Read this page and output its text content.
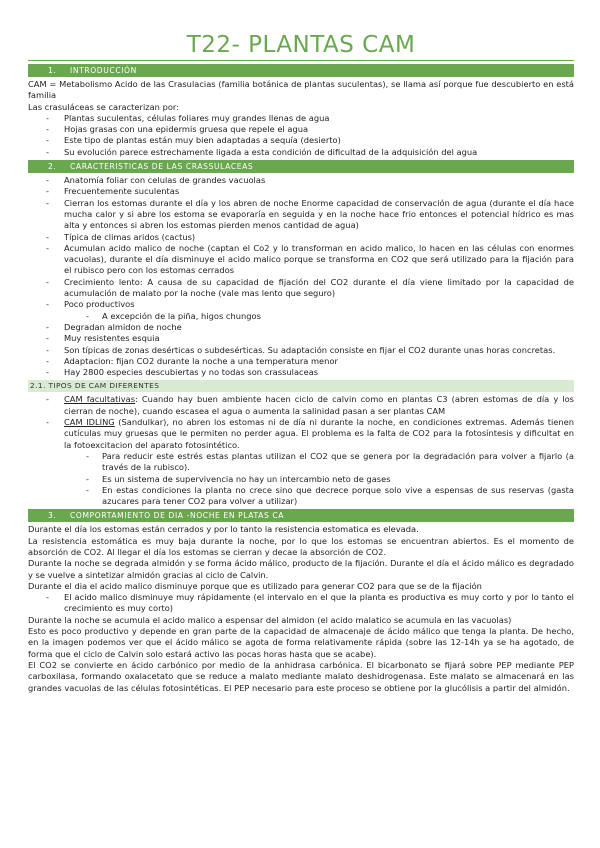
T22- PLANTAS CAM
1. INTRODUCCIÓN

CAM = Metabolismo Acido de las Crasulacias (familia botánica de plantas suculentas), se llama así porque fue descubierto en está familia

Las crasuláceas se caracterizan por:

- Plantas suculentas, células foliares muy grandes llenas de agua
- Hojas grasas con una epidermis gruesa que repele el agua
- Este tipo de plantas están muy bien adaptadas a sequía (desierto)
- Su evolución parece estrechamente ligada a esta condición de dificultad de la adquisición del agua
2. CARACTERISTICAS DE LAS CRASSULACEAS
- Anatomía foliar con celulas de grandes vacuolas
- Frecuentemente suculentas
- Cierran los estomas durante el día y los abren de noche Enorme capacidad de conservación de agua (durante el día hace mucha calor y si abre los estoma se evaporaría en seguida y en la noche hace frio entonces el potencial hídrico es mas alta y entonces si abren los estomas pierden menos cantidad de agua)
- Típica de climas aridos (cactus)
- Acumulan acido malico de noche (captan el Co2 y lo transforman en acido malico, lo hacen en las células con enormes vacuolas), durante el día disminuye el acido malico porque se transforma en CO2 que será utilizado para la fijación para el rubisco pero con los estomas cerrados
- Crecimiento lento: A causa de su capacidad de fijación del CO2 durante el día viene limitado por la capacidad de acumulación de malato por la noche (vale mas lento que seguro)
- Poco productivos
- A excepción de la piña, higos chungos
- Degradan almidon de noche
- Muy resistentes esquia
- Son típicas de zonas desérticas o subdesérticas. Su adaptación consiste en fijar el CO2 durante unas horas concretas.
- Adaptacion: fijan CO2 durante la noche a una temperatura menor
- Hay 2800 especies descubiertas y no todas son crassulaceas
2.1. TIPOS DE CAM DIFERENTES
- CAM facultativas: Cuando hay buen ambiente hacen ciclo de calvin como en plantas C3 (abren estomas de día y los cierran de noche), cuando escasea el agua o aumenta la salinidad pasan a ser plantas CAM
- CAM IDLING (Sandulkar), no abren los estomas ni de día ni durante la noche, en condiciones extremas. Además tienen cutículas muy gruesas que le permiten no perder agua. El problema es la falta de CO2 para la fotosíntesis y dificultat en la fotoexcitacion del aparato fotosintético.
- Para reducir este estrés estas plantas utilizan el CO2 que se genera por la degradación para volver a fijarlo (a través de la rubisco).
- Es un sistema de supervivencia no hay un intercambio neto de gases
- En estas condiciones la planta no crece sino que decrece porque solo vive a espensas de sus reservas (gasta azucares para tener CO2 para volver a utilizar)
3. COMPORTAMIENTO DE DIA -NOCHE EN PLATAS CA

Durante el día los estomas están cerrados y por lo tanto la resistencia estomatica es elevada.

La resistencia estomática es muy baja durante la noche, por lo que los estomas se encuentran abiertos. Es el momento de absorción de CO2. Al llegar el día los estomas se cierran y decae la absorción de CO2.

Durante la noche se degrada almidón y se forma ácido málico, producto de la fijación. Durante el día el ácido málico es degradado y se vuelve a sintetizar almidón gracias al ciclo de Calvin.

Durante el dia el acido malico disminuye porque que es utilizado para generar CO2 para que se de la fijación

- El acido malico disminuye muy rápidamente (el intervalo en el que la planta es productiva es muy corto y por lo tanto el crecimiento es muy corto)

Durante la noche se acumula el acido malico a espensar del almidon (el acido malatico se acumula en las vacuolas)

Esto es poco productivo y depende en gran parte de la capacidad de almacenaje de ácido málico que tenga la planta. De hecho, en la imagen podemos ver que el ácido málico se agota de forma relativamente rápida (sobre las 12-14h ya se ha agotado, de forma que el ciclo de Calvin solo estará activo las pocas horas hasta que se acabe).

El CO2 se convierte en ácido carbónico por medio de la anhidrasa carbónica. El bicarbonato se fijará sobre PEP mediante PEP carboxilasa, formando oxalacetato que se reduce a malato mediante malato deshidrogenasa. Este malato se almacenará en las grandes vacuolas de las células fotosintéticas. El PEP necesario para este proceso se obtiene por la glucólisis a partir del almidón.
